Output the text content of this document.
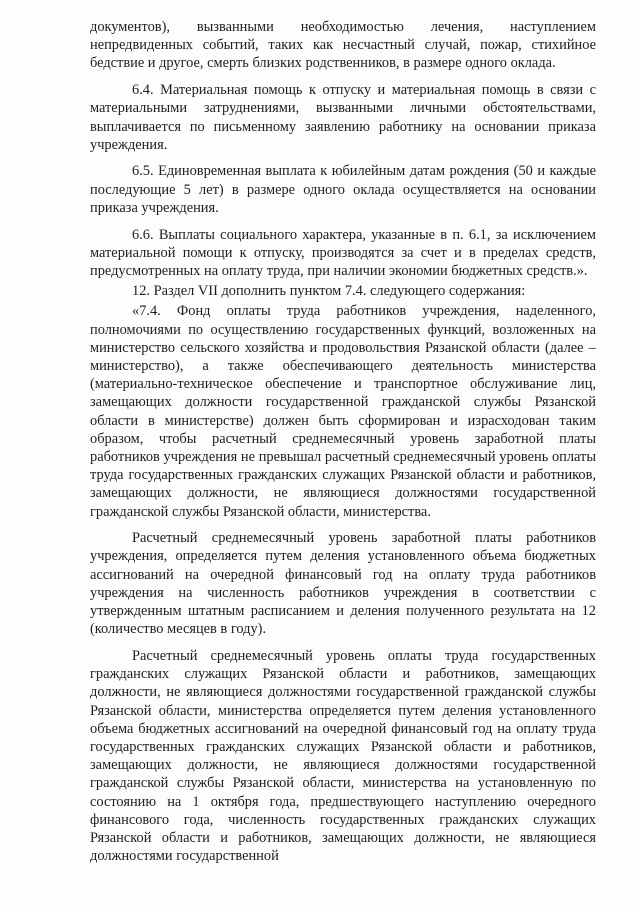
документов), вызванными необходимостью лечения, наступлением непредвиденных событий, таких как несчастный случай, пожар, стихийное бедствие и другое, смерть близких родственников, в размере одного оклада.

6.4. Материальная помощь к отпуску и материальная помощь в связи с материальными затруднениями, вызванными личными обстоятельствами, выплачивается по письменному заявлению работнику на основании приказа учреждения.

6.5. Единовременная выплата к юбилейным датам рождения (50 и каждые последующие 5 лет) в размере одного оклада осуществляется на основании приказа учреждения.

6.6. Выплаты социального характера, указанные в п. 6.1, за исключением материальной помощи к отпуску, производятся за счет и в пределах средств, предусмотренных на оплату труда, при наличии экономии бюджетных средств.».

12. Раздел VII дополнить пунктом 7.4. следующего содержания:

«7.4. Фонд оплаты труда работников учреждения, наделенного, полномочиями по осуществлению государственных функций, возложенных на министерство сельского хозяйства и продовольствия Рязанской области (далее – министерство), а также обеспечивающего деятельность министерства (материально-техническое обеспечение и транспортное обслуживание лиц, замещающих должности государственной гражданской службы Рязанской области в министерстве) должен быть сформирован и израсходован таким образом, чтобы расчетный среднемесячный уровень заработной платы работников учреждения не превышал расчетный среднемесячный уровень оплаты труда государственных гражданских служащих Рязанской области и работников, замещающих должности, не являющиеся должностями государственной гражданской службы Рязанской области, министерства.

Расчетный среднемесячный уровень заработной платы работников учреждения, определяется путем деления установленного объема бюджетных ассигнований на очередной финансовый год на оплату труда работников учреждения на численность работников учреждения в соответствии с утвержденным штатным расписанием и деления полученного результата на 12 (количество месяцев в году).

Расчетный среднемесячный уровень оплаты труда государственных гражданских служащих Рязанской области и работников, замещающих должности, не являющиеся должностями государственной гражданской службы Рязанской области, министерства определяется путем деления установленного объема бюджетных ассигнований на очередной финансовый год на оплату труда государственных гражданских служащих Рязанской области и работников, замещающих должности, не являющиеся должностями государственной гражданской службы Рязанской области, министерства на установленную по состоянию на 1 октября года, предшествующего наступлению очередного финансового года, численность государственных гражданских служащих Рязанской области и работников, замещающих должности, не являющиеся должностями государственной
